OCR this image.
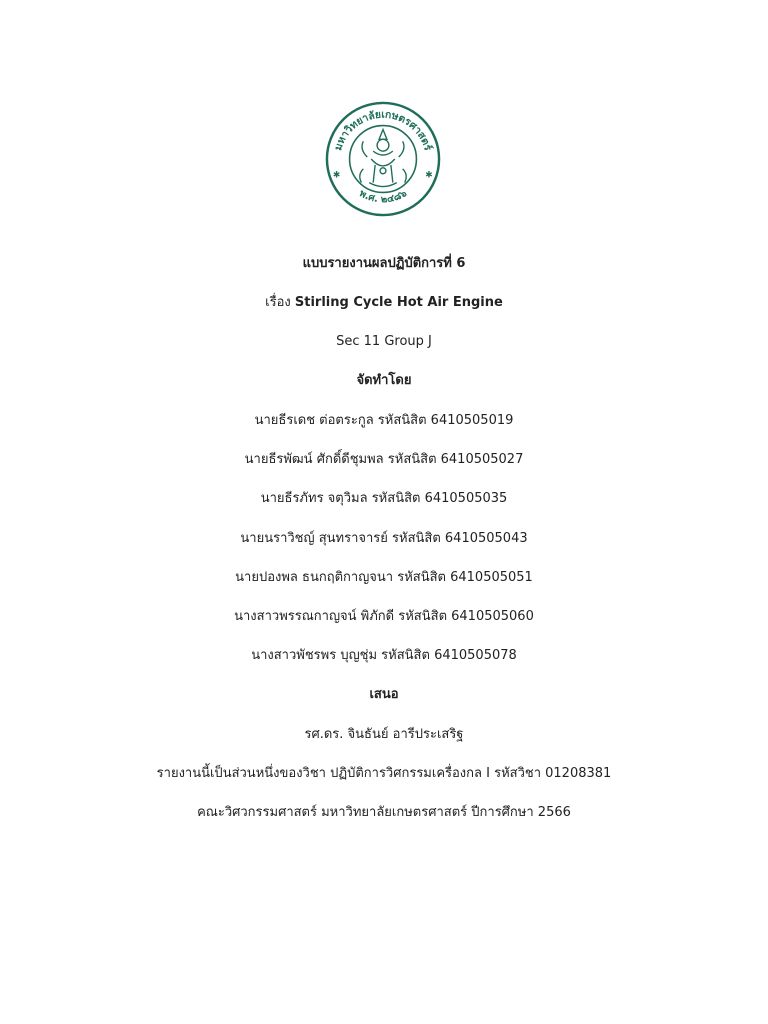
มหาวิทยาลัยเกษตรศาสตร์
พ.ศ. ๒๔๘๖
✱	✱
แบบรายงานผลปฏิบัติการที่ 6
เรื่อง Stirling Cycle Hot Air Engine
Sec 11 Group J
จัดทำโดย
นายธีรเดช ต่อตระกูล รหัสนิสิต 6410505019
นายธีรพัฒน์ ศักดิ์ดีชุมพล รหัสนิสิต 6410505027
นายธีรภัทร จตุวิมล รหัสนิสิต 6410505035
นายนราวิชญ์ สุนทราจารย์ รหัสนิสิต 6410505043
นายปองพล ธนกฤติกาญจนา รหัสนิสิต 6410505051
นางสาวพรรณกาญจน์ พิภักดี รหัสนิสิต 6410505060
นางสาวพัชรพร บุญชุ่ม รหัสนิสิต 6410505078
เสนอ
รศ.ดร. จินธันย์ อารีประเสริฐ
รายงานนี้เป็นส่วนหนึ่งของวิชา ปฏิบัติการวิศกรรมเครื่องกล I รหัสวิชา 01208381
คณะวิศวกรรมศาสตร์ มหาวิทยาลัยเกษตรศาสตร์ ปีการศึกษา 2566
